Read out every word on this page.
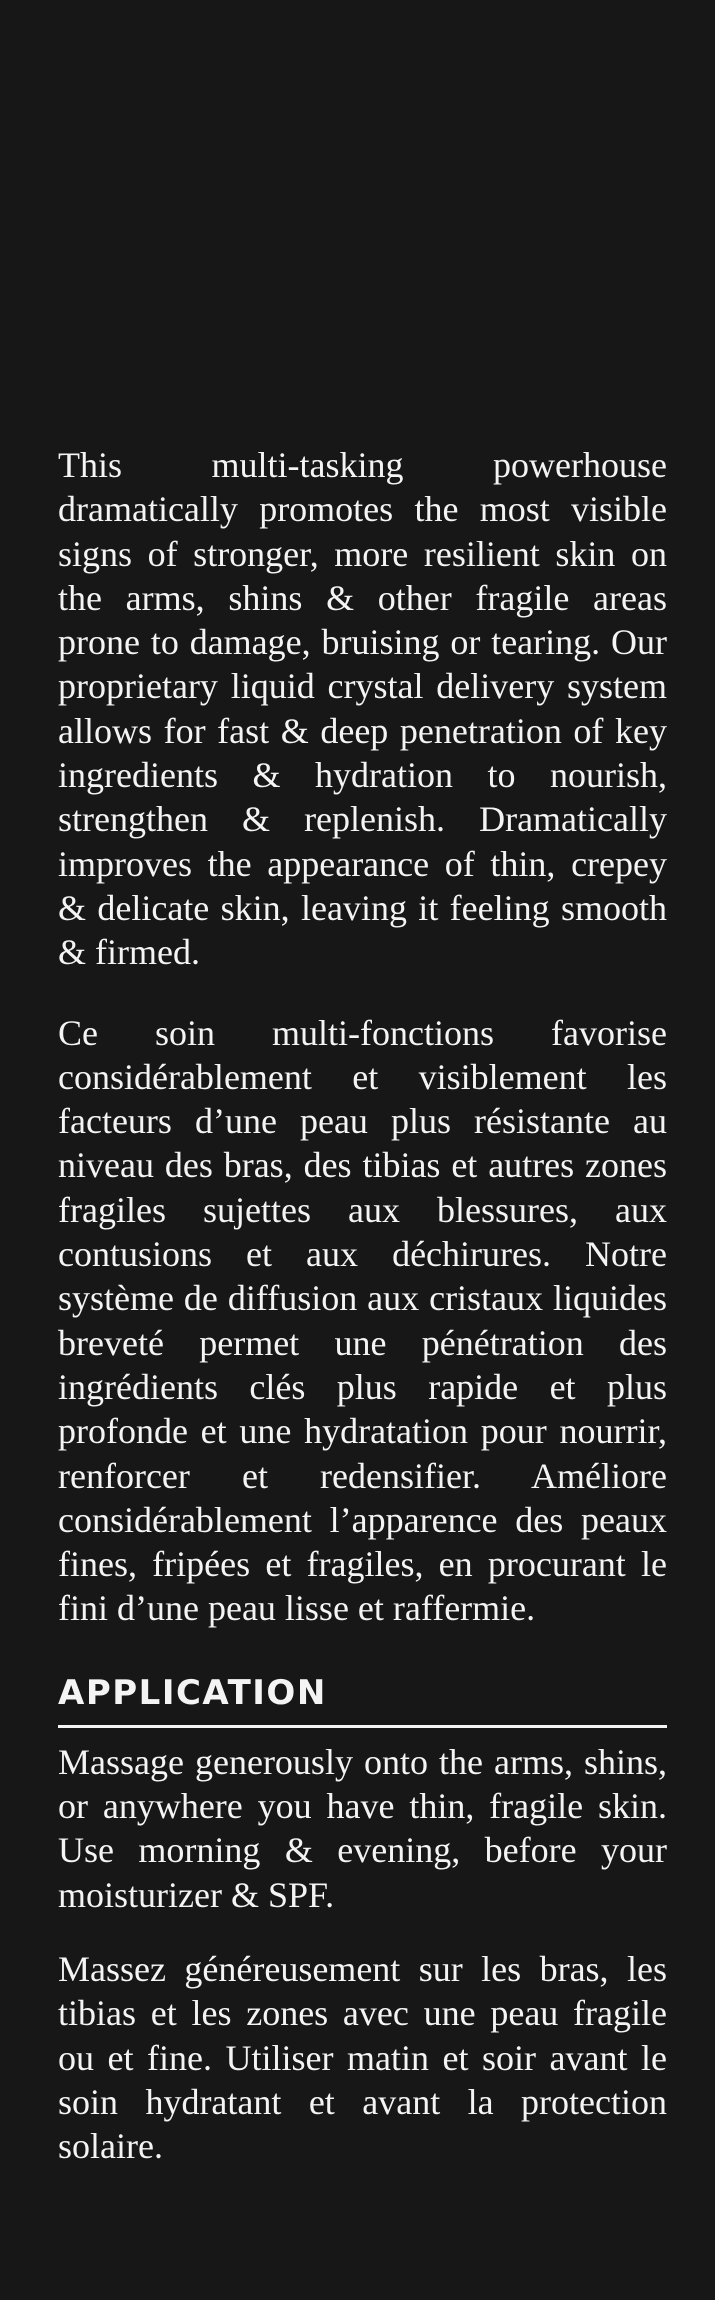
This multi-tasking powerhouse dramatically promotes the most visible signs of stronger, more resilient skin on the arms, shins & other fragile areas prone to damage, bruising or tearing. Our proprietary liquid crystal delivery system allows for fast & deep penetration of key ingredients & hydration to nourish, strengthen & replenish. Dramatically improves the appearance of thin, crepey & delicate skin, leaving it feeling smooth & firmed.

Ce soin multi-fonctions favorise considérablement et visiblement les facteurs d’une peau plus résistante au niveau des bras, des tibias et autres zones fragiles sujettes aux blessures, aux contusions et aux déchirures. Notre système de diffusion aux cristaux liquides breveté permet une pénétration des ingrédients clés plus rapide et plus profonde et une hydratation pour nourrir, renforcer et redensifier. Améliore considérablement l’apparence des peaux fines, fripées et fragiles, en procurant le fini d’une peau lisse et raffermie.

APPLICATION

Massage generously onto the arms, shins, or anywhere you have thin, fragile skin. Use morning & evening, before your moisturizer & SPF.

Massez généreusement sur les bras, les tibias et les zones avec une peau fragile ou et fine. Utiliser matin et soir avant le soin hydratant et avant la protection solaire.
